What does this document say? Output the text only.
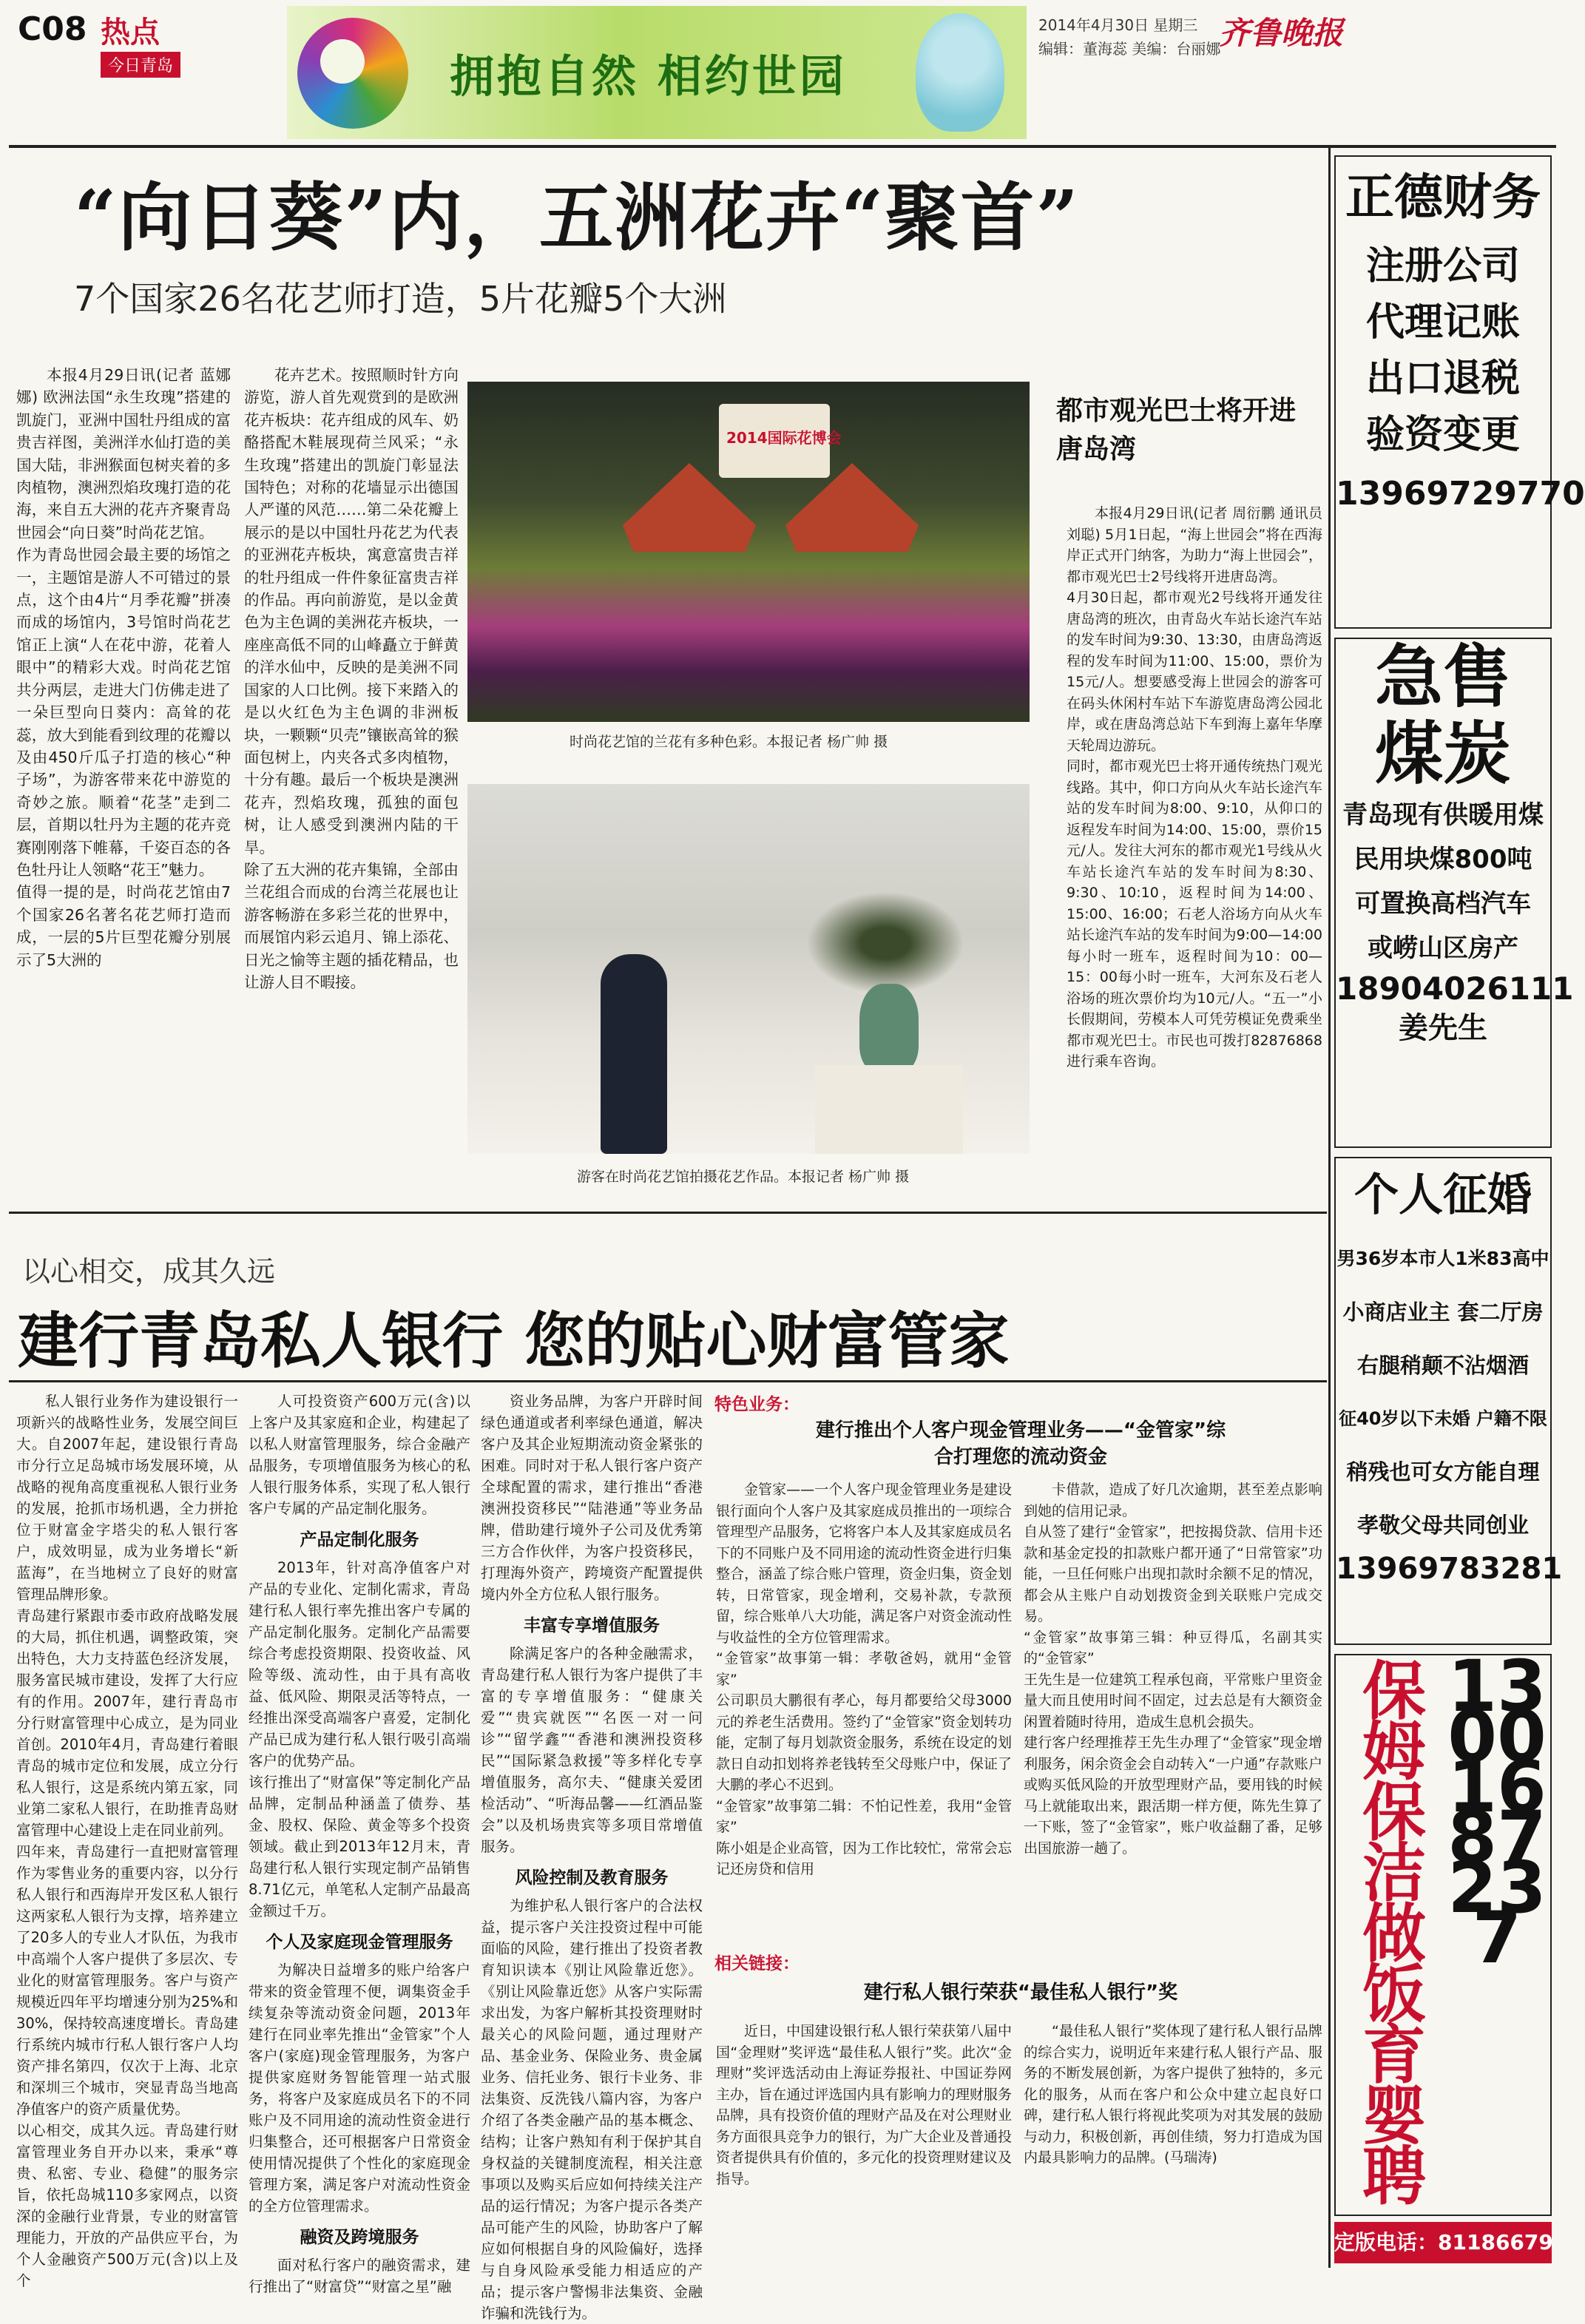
C08 热点
今日青岛	拥抱自然 相约世园
2014年4月30日 星期三
编辑：董海蕊 美编：台丽娜
齐鲁晚报
“向日葵”内，五洲花卉“聚首”
7个国家26名花艺师打造，5片花瓣5个大洲

本报4月29日讯(记者 蓝娜娜) 欧洲法国“永生玫瑰”搭建的凯旋门，亚洲中国牡丹组成的富贵吉祥图，美洲洋水仙打造的美国大陆，非洲猴面包树夹着的多肉植物，澳洲烈焰玫瑰打造的花海，来自五大洲的花卉齐聚青岛世园会“向日葵”时尚花艺馆。
作为青岛世园会最主要的场馆之一，主题馆是游人不可错过的景点，这个由4片“月季花瓣”拼凑而成的场馆内，3号馆时尚花艺馆正上演“人在花中游，花着人眼中”的精彩大戏。时尚花艺馆共分两层，走进大门仿佛走进了一朵巨型向日葵内：高耸的花蕊，放大到能看到纹理的花瓣以及由450斤瓜子打造的核心“种子场”，为游客带来花中游览的奇妙之旅。顺着“花茎”走到二层，首期以牡丹为主题的花卉竞赛刚刚落下帷幕，千姿百态的各色牡丹让人领略“花王”魅力。
值得一提的是，时尚花艺馆由7个国家26名著名花艺师打造而成，一层的5片巨型花瓣分别展示了5大洲的

花卉艺术。按照顺时针方向游览，游人首先观赏到的是欧洲花卉板块：花卉组成的风车、奶酪搭配木鞋展现荷兰风采；“永生玫瑰”搭建出的凯旋门彰显法国特色；对称的花墙显示出德国人严谨的风范……第二朵花瓣上展示的是以中国牡丹花艺为代表的亚洲花卉板块，寓意富贵吉祥的牡丹组成一件件象征富贵吉祥的作品。再向前游览，是以金黄色为主色调的美洲花卉板块，一座座高低不同的山峰矗立于鲜黄的洋水仙中，反映的是美洲不同国家的人口比例。接下来踏入的是以火红色为主色调的非洲板块，一颗颗“贝壳”镶嵌高耸的猴面包树上，内夹各式多肉植物，十分有趣。最后一个板块是澳洲花卉，烈焰玫瑰，孤独的面包树，让人感受到澳洲内陆的干旱。
除了五大洲的花卉集锦，全部由兰花组合而成的台湾兰花展也让游客畅游在多彩兰花的世界中，而展馆内彩云追月、锦上添花、日光之愉等主题的插花精品，也让游人目不暇接。

2014国际花博会
时尚花艺馆的兰花有多种色彩。本报记者 杨广帅 摄
游客在时尚花艺馆拍摄花艺作品。本报记者 杨广帅 摄
都市观光巴士将开进唐岛湾

本报4月29日讯(记者 周衍鹏 通讯员 刘聪) 5月1日起，“海上世园会”将在西海岸正式开门纳客，为助力“海上世园会”，都市观光巴士2号线将开进唐岛湾。
4月30日起，都市观光2号线将开通发往唐岛湾的班次，由青岛火车站长途汽车站的发车时间为9:30、13:30，由唐岛湾返程的发车时间为11:00、15:00，票价为15元/人。想要感受海上世园会的游客可在码头休闲村车站下车游览唐岛湾公园北岸，或在唐岛湾总站下车到海上嘉年华摩天轮周边游玩。
同时，都市观光巴士将开通传统热门观光线路。其中，仰口方向从火车站长途汽车站的发车时间为8:00、9:10，从仰口的返程发车时间为14:00、15:00，票价15元/人。发往大河东的都市观光1号线从火车站长途汽车站的发车时间为8:30、9:30、10:10，返程时间为14:00、15:00、16:00；石老人浴场方向从火车站长途汽车站的发车时间为9:00—14:00每小时一班车，返程时间为10：00—15：00每小时一班车，大河东及石老人浴场的班次票价均为10元/人。“五一”小长假期间，劳模本人可凭劳模证免费乘坐都市观光巴士。市民也可拨打82876868进行乘车咨询。

以心相交，成其久远
建行青岛私人银行 您的贴心财富管家

私人银行业务作为建设银行一项新兴的战略性业务，发展空间巨大。自2007年起，建设银行青岛市分行立足岛城市场发展环境，从战略的视角高度重视私人银行业务的发展，抢抓市场机遇，全力拼抢位于财富金字塔尖的私人银行客户，成效明显，成为业务增长“新蓝海”，在当地树立了良好的财富管理品牌形象。
青岛建行紧跟市委市政府战略发展的大局，抓住机遇，调整政策，突出特色，大力支持蓝色经济发展，服务富民城市建设，发挥了大行应有的作用。2007年，建行青岛市分行财富管理中心成立，是为同业首创。2010年4月，青岛建行着眼青岛的城市定位和发展，成立分行私人银行，这是系统内第五家，同业第二家私人银行，在助推青岛财富管理中心建设上走在同业前列。
四年来，青岛建行一直把财富管理作为零售业务的重要内容，以分行私人银行和西海岸开发区私人银行这两家私人银行为支撑，培养建立了20多人的专业人才队伍，为我市中高端个人客户提供了多层次、专业化的财富管理服务。客户与资产规模近四年平均增速分别为25%和30%，保持较高速度增长。青岛建行系统内城市行私人银行客户人均资产排名第四，仅次于上海、北京和深圳三个城市，突显青岛当地高净值客户的资产质量优势。
以心相交，成其久远。青岛建行财富管理业务自开办以来，秉承“尊贵、私密、专业、稳健”的服务宗旨，依托岛城110多家网点，以资深的金融行业背景，专业的财富管理能力，开放的产品供应平台，为个人金融资产500万元(含)以上及个

人可投资资产600万元(含)以上客户及其家庭和企业，构建起了以私人财富管理服务，综合金融产品服务，专项增值服务为核心的私人银行服务体系，实现了私人银行客户专属的产品定制化服务。

产品定制化服务

2013年，针对高净值客户对产品的专业化、定制化需求，青岛建行私人银行率先推出客户专属的产品定制化服务。定制化产品需要综合考虑投资期限、投资收益、风险等级、流动性，由于具有高收益、低风险、期限灵活等特点，一经推出深受高端客户喜爱，定制化产品已成为建行私人银行吸引高端客户的优势产品。
该行推出了“财富保”等定制化产品品牌，定制品种涵盖了债券、基金、股权、保险、黄金等多个投资领域。截止到2013年12月末，青岛建行私人银行实现定制产品销售8.71亿元，单笔私人定制产品最高金额过千万。

个人及家庭现金管理服务

为解决日益增多的账户给客户带来的资金管理不便，调集资金手续复杂等流动资金问题，2013年建行在同业率先推出“金管家”个人客户(家庭)现金管理服务，为客户提供家庭财务智能管理一站式服务，将客户及家庭成员名下的不同账户及不同用途的流动性资金进行归集整合，还可根据客户日常资金使用情况提供了个性化的家庭现金管理方案，满足客户对流动性资金的全方位管理需求。

融资及跨境服务

面对私行客户的融资需求，建行推出了“财富贷”“财富之星”融

资业务品牌，为客户开辟时间绿色通道或者利率绿色通道，解决客户及其企业短期流动资金紧张的困难。同时对于私人银行客户资产全球配置的需求，建行推出“香港澳洲投资移民”“陆港通”等业务品牌，借助建行境外子公司及优秀第三方合作伙伴，为客户投资移民，打理海外资产，跨境资产配置提供境内外全方位私人银行服务。

丰富专享增值服务

除满足客户的各种金融需求，青岛建行私人银行为客户提供了丰富的专享增值服务：“健康关爱”“贵宾就医”“名医一对一问诊”“留学鑫”“香港和澳洲投资移民”“国际紧急救援”等多样化专享增值服务，高尔夫、“健康关爱团检活动”、“听海品馨——红酒品鉴会”以及机场贵宾等多项目常增值服务。

风险控制及教育服务

为维护私人银行客户的合法权益，提示客户关注投资过程中可能面临的风险，建行推出了投资者教育知识读本《别让风险靠近您》。《别让风险靠近您》从客户实际需求出发，为客户解析其投资理财时最关心的风险问题，通过理财产品、基金业务、保险业务、贵金属业务、信托业务、银行卡业务、非法集资、反洗钱八篇内容，为客户介绍了各类金融产品的基本概念、结构；让客户熟知有利于保护其自身权益的关键制度流程，相关注意事项以及购买后应如何持续关注产品的运行情况；为客户提示各类产品可能产生的风险，协助客户了解应如何根据自身的风险偏好，选择与自身风险承受能力相适应的产品；提示客户警惕非法集资、金融诈骗和洗钱行为。

特色业务：
建行推出个人客户现金管理业务——“金管家”综合打理您的流动资金

金管家——一个人客户现金管理业务是建设银行面向个人客户及其家庭成员推出的一项综合管理型产品服务，它将客户本人及其家庭成员名下的不同账户及不同用途的流动性资金进行归集整合，涵盖了综合账户管理，资金归集，资金划转，日常管家，现金增利，交易补款，专款预留，综合账单八大功能，满足客户对资金流动性与收益性的全方位管理需求。
“金管家”故事第一辑：孝敬爸妈，就用“金管家”
公司职员大鹏很有孝心，每月都要给父母3000元的养老生活费用。签约了“金管家”资金划转功能，定制了每月划款资金服务，系统在设定的划款日自动扣划将养老钱转至父母账户中，保证了大鹏的孝心不迟到。
“金管家”故事第二辑：不怕记性差，我用“金管家”
陈小姐是企业高管，因为工作比较忙，常常会忘记还房贷和信用

卡借款，造成了好几次逾期，甚至差点影响到她的信用记录。
自从签了建行“金管家”，把按揭贷款、信用卡还款和基金定投的扣款账户都开通了“日常管家”功能，一旦任何账户出现扣款时余额不足的情况，都会从主账户自动划拨资金到关联账户完成交易。
“金管家”故事第三辑：种豆得瓜，名副其实的“金管家”
王先生是一位建筑工程承包商，平常账户里资金量大而且使用时间不固定，过去总是有大额资金闲置着随时待用，造成生息机会损失。
建行客户经理推荐王先生办理了“金管家”现金增利服务，闲余资金会自动转入“一户通”存款账户或购买低风险的开放型理财产品，要用钱的时候马上就能取出来，跟活期一样方便，陈先生算了一下账，签了“金管家”，账户收益翻了番，足够出国旅游一趟了。

相关链接：
建行私人银行荣获“最佳私人银行”奖

近日，中国建设银行私人银行荣获第八届中国“金理财”奖评选“最佳私人银行”奖。此次“金理财”奖评选活动由上海证券报社、中国证券网主办，旨在通过评选国内具有影响力的理财服务品牌，具有投资价值的理财产品及在对公理财业务方面很具竞争力的银行，为广大企业及普通投资者提供具有价值的，多元化的投资理财建议及指导。

“最佳私人银行”奖体现了建行私人银行品牌的综合实力，说明近年来建行私人银行产品、服务的不断发展创新，为客户提供了独特的，多元化的服务，从而在客户和公众中建立起良好口碑，建行私人银行将视此奖项为对其发展的鼓励与动力，积极创新，再创佳绩，努力打造成为国内最具影响力的品牌。(马瑞涛)

正德财务
注册公司
代理记账
出口退税
验资变更
13969729770
急售
煤炭
青岛现有供暖用煤
民用块煤800吨
可置换高档汽车
或崂山区房产
18904026111
姜先生
个人征婚
男36岁本市人1米83高中
小商店业主 套二厅房
右腿稍颠不沾烟酒
征40岁以下未婚 户籍不限
稍残也可女方能自理
孝敬父母共同创业
13969783281
保姆保洁做饭育婴聘
13001687237
定版电话：81186679
